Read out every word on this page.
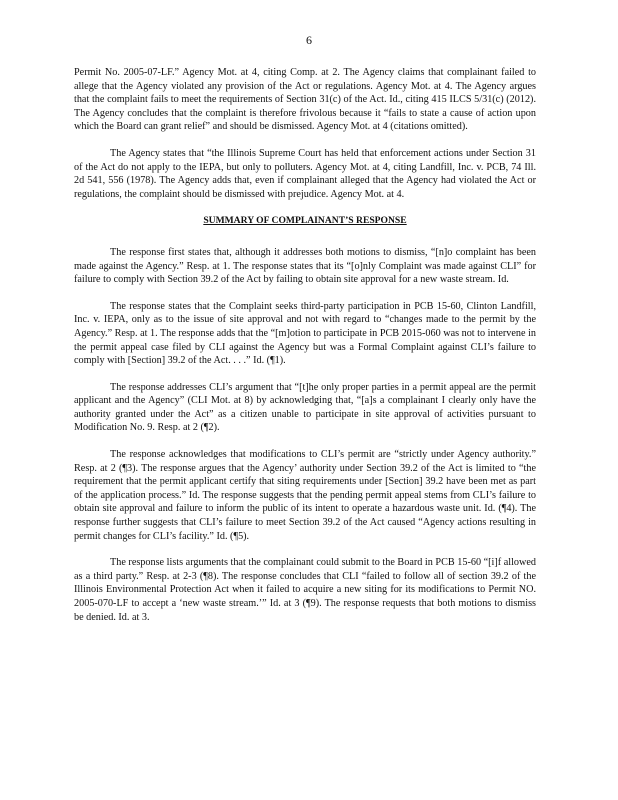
6

Permit No. 2005-07-LF.” Agency Mot. at 4, citing Comp. at 2. The Agency claims that complainant failed to allege that the Agency violated any provision of the Act or regulations. Agency Mot. at 4. The Agency argues that the complaint fails to meet the requirements of Section 31(c) of the Act. Id., citing 415 ILCS 5/31(c) (2012). The Agency concludes that the complaint is therefore frivolous because it “fails to state a cause of action upon which the Board can grant relief” and should be dismissed. Agency Mot. at 4 (citations omitted).

The Agency states that “the Illinois Supreme Court has held that enforcement actions under Section 31 of the Act do not apply to the IEPA, but only to polluters. Agency Mot. at 4, citing Landfill, Inc. v. PCB, 74 Ill. 2d 541, 556 (1978). The Agency adds that, even if complainant alleged that the Agency had violated the Act or regulations, the complaint should be dismissed with prejudice. Agency Mot. at 4.

SUMMARY OF COMPLAINANT’S RESPONSE

The response first states that, although it addresses both motions to dismiss, “[n]o complaint has been made against the Agency.” Resp. at 1. The response states that its “[o]nly Complaint was made against CLI” for failure to comply with Section 39.2 of the Act by failing to obtain site approval for a new waste stream. Id.

The response states that the Complaint seeks third-party participation in PCB 15-60, Clinton Landfill, Inc. v. IEPA, only as to the issue of site approval and not with regard to “changes made to the permit by the Agency.” Resp. at 1. The response adds that the “[m]otion to participate in PCB 2015-060 was not to intervene in the permit appeal case filed by CLI against the Agency but was a Formal Complaint against CLI’s failure to comply with [Section] 39.2 of the Act. . . .” Id. (¶1).

The response addresses CLI’s argument that “[t]he only proper parties in a permit appeal are the permit applicant and the Agency” (CLI Mot. at 8) by acknowledging that, “[a]s a complainant I clearly only have the authority granted under the Act” as a citizen unable to participate in site approval of activities pursuant to Modification No. 9. Resp. at 2 (¶2).

The response acknowledges that modifications to CLI’s permit are “strictly under Agency authority.” Resp. at 2 (¶3). The response argues that the Agency’ authority under Section 39.2 of the Act is limited to “the requirement that the permit applicant certify that siting requirements under [Section] 39.2 have been met as part of the application process.” Id. The response suggests that the pending permit appeal stems from CLI’s failure to obtain site approval and failure to inform the public of its intent to operate a hazardous waste unit. Id. (¶4). The response further suggests that CLI’s failure to meet Section 39.2 of the Act caused “Agency actions resulting in permit changes for CLI’s facility.” Id. (¶5).

The response lists arguments that the complainant could submit to the Board in PCB 15-60 “[i]f allowed as a third party.” Resp. at 2-3 (¶8). The response concludes that CLI “failed to follow all of section 39.2 of the Illinois Environmental Protection Act when it failed to acquire a new siting for its modifications to Permit NO. 2005-070-LF to accept a ‘new waste stream.’” Id. at 3 (¶9). The response requests that both motions to dismiss be denied. Id. at 3.
